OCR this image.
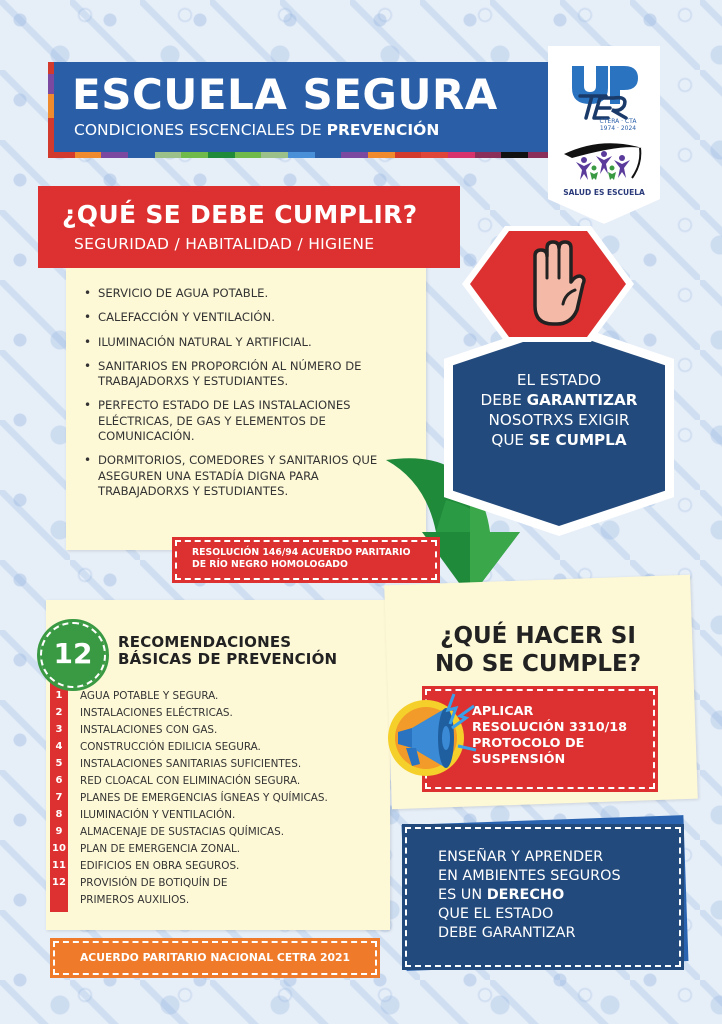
ESCUELA SEGURA
CONDICIONES ESCENCIALES DE PREVENCIÓN	CTERA · CTA
1974 · 2024
SALUD ES ESCUELA
¿QUÉ SE DEBE CUMPLIR?
SEGURIDAD / HABITALIDAD / HIGIENE
• SERVICIO DE AGUA POTABLE.
• CALEFACCIÓN Y VENTILACIÓN.
• ILUMINACIÓN NATURAL Y ARTIFICIAL.
• SANITARIOS EN PROPORCIÓN AL NÚMERO DE TRABAJADORXS Y ESTUDIANTES.
• PERFECTO ESTADO DE LAS INSTALACIONES ELÉCTRICAS, DE GAS Y ELEMENTOS DE COMUNICACIÓN.
• DORMITORIOS, COMEDORES Y SANITARIOS QUE ASEGUREN UNA ESTADÍA DIGNA PARA TRABAJADORXS Y ESTUDIANTES.
RESOLUCIÓN 146/94 ACUERDO PARITARIO
DE RÍO NEGRO HOMOLOGADO
EL ESTADO
DEBE GARANTIZAR
NOSOTRXS EXIGIR
QUE SE CUMPLA
12	RECOMENDACIONES
BÁSICAS DE PREVENCIÓN
1	AGUA POTABLE Y SEGURA.
2	INSTALACIONES ELÉCTRICAS.
3	INSTALACIONES CON GAS.
4	CONSTRUCCIÓN EDILICIA SEGURA.
5	INSTALACIONES SANITARIAS SUFICIENTES.
6	RED CLOACAL CON ELIMINACIÓN SEGURA.
7	PLANES DE EMERGENCIAS ÍGNEAS Y QUÍMICAS.
8	ILUMINACIÓN Y VENTILACIÓN.
9	ALMACENAJE DE SUSTACIAS QUÍMICAS.
10 PLAN DE EMERGENCIA ZONAL.
11 EDIFICIOS EN OBRA SEGUROS.
12 PROVISIÓN DE BOTIQUÍN DE
PRIMEROS AUXILIOS.
ACUERDO PARITARIO NACIONAL CETRA 2021
¿QUÉ HACER SI
NO SE CUMPLE?
APLICAR
RESOLUCIÓN 3310/18
PROTOCOLO DE
SUSPENSIÓN
ENSEÑAR Y APRENDER
EN AMBIENTES SEGUROS
ES UN DERECHO
QUE EL ESTADO
DEBE GARANTIZAR
